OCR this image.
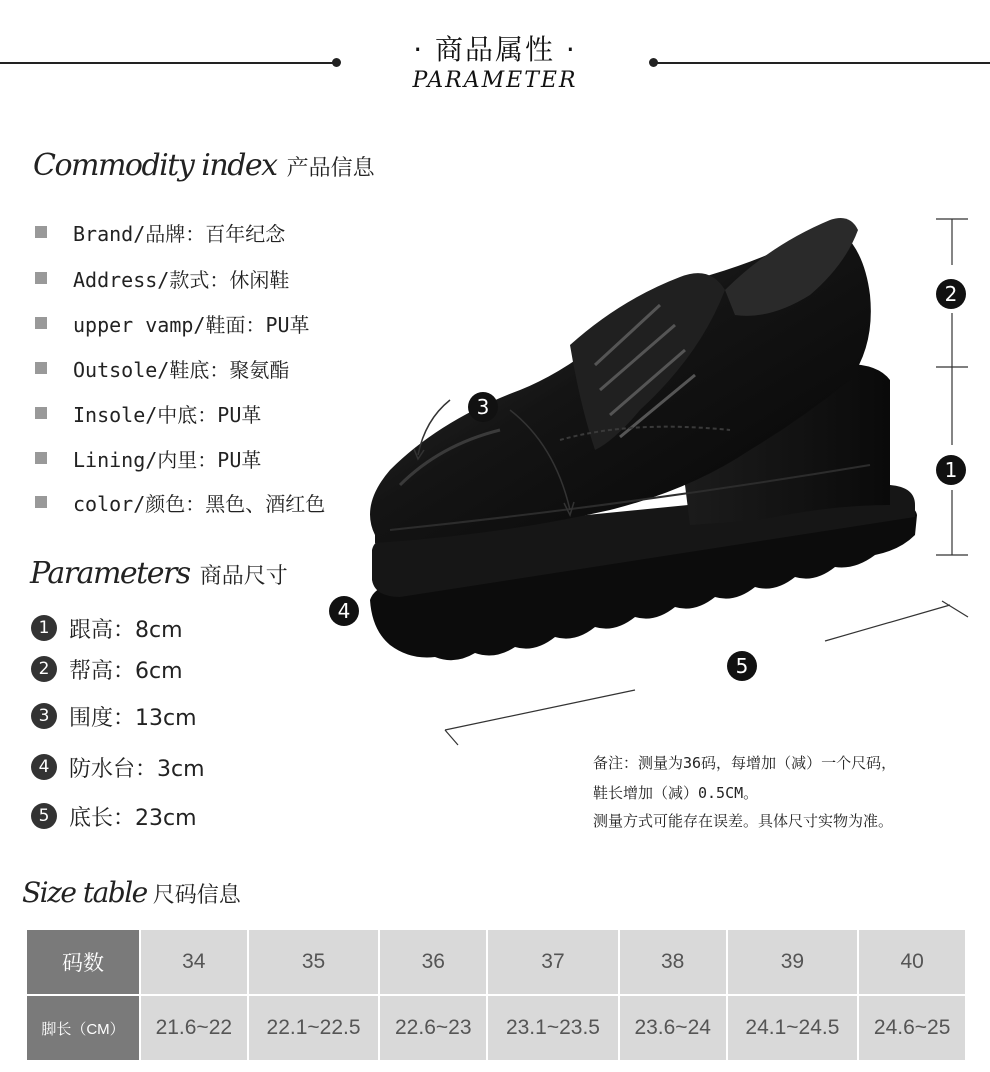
· 商品属性 ·
PARAMETER
Commodity index 产品信息
Brand/品牌：百年纪念
Address/款式：休闲鞋
upper vamp/鞋面：PU革
Outsole/鞋底：聚氨酯
Insole/中底：PU革
Lining/内里：PU革
color/颜色：黑色、酒红色
Parameters 商品尺寸
1 跟高：8cm
2 帮高：6cm
3 围度：13cm
4 防水台：3cm
5 底长：23cm
2
1
3
4
5
备注：测量为36码，每增加（减）一个尺码，
鞋长增加（减）0.5CM。
测量方式可能存在误差。具体尺寸实物为准。
Size table 尺码信息
码数	34	35	36	37	38	39	40
脚长（CM）	21.6~22	22.1~22.5	22.6~23	23.1~23.5	23.6~24	24.1~24.5	24.6~25
